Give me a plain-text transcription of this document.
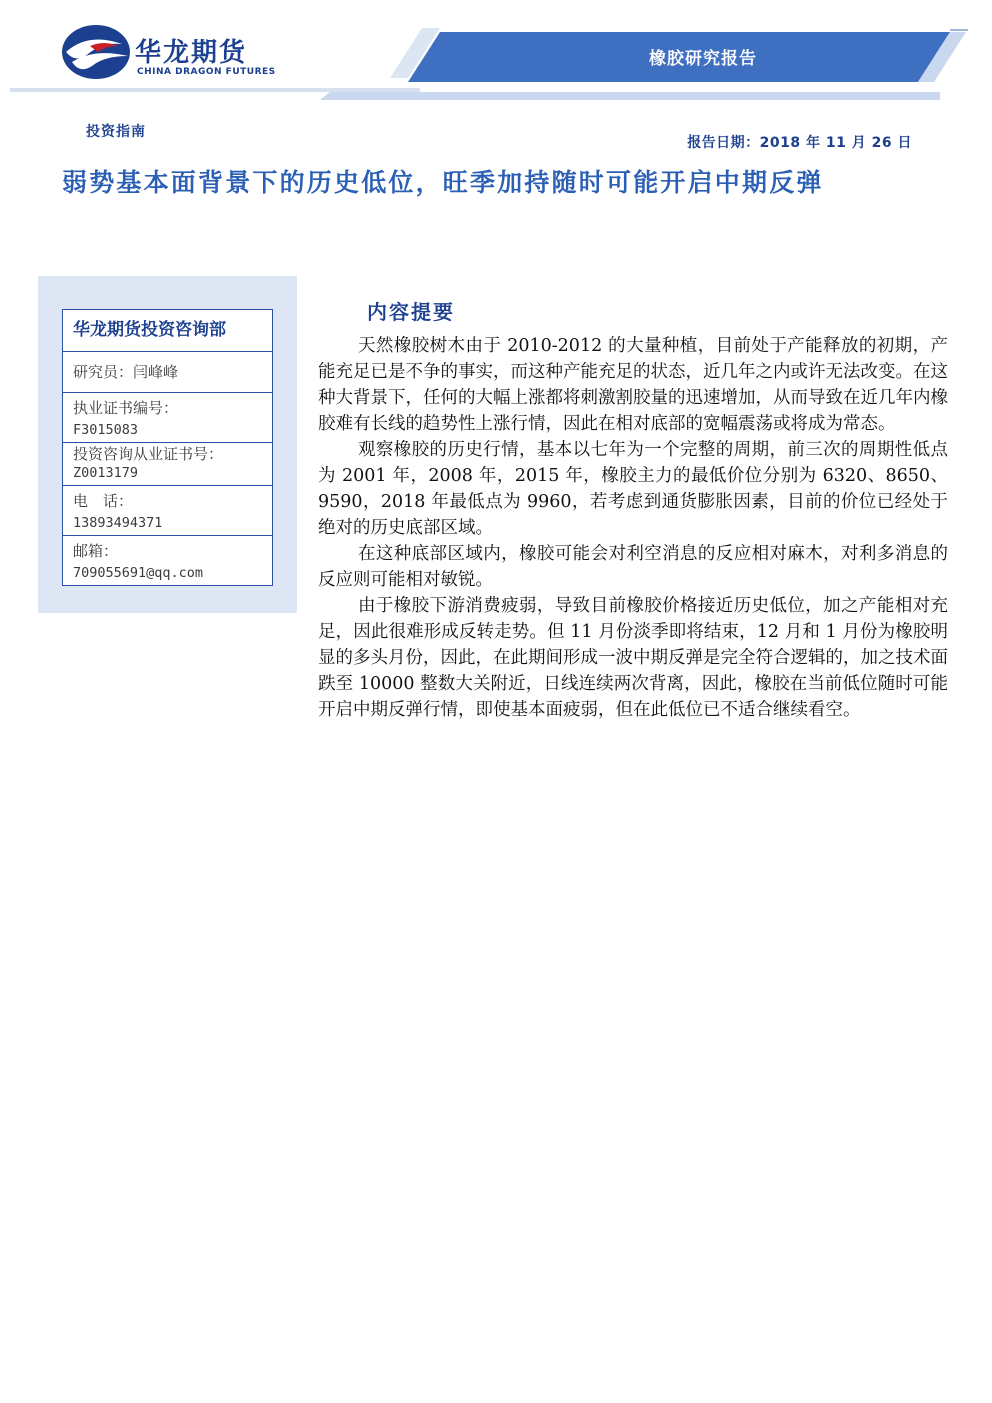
华龙期货
CHINA DRAGON FUTURES
橡胶研究报告
投资指南
报告日期：2018 年 11 月 26 日
弱势基本面背景下的历史低位，旺季加持随时可能开启中期反弹
华龙期货投资咨询部
研究员：闫峰峰
执业证书编号：
F3015083
投资咨询从业证书号：
Z0013179
电　话：
13893494371
邮箱：
709055691@qq.com
内容提要

天然橡胶树木由于 2010-2012 的大量种植，目前处于产能释放的初期，产能充足已是不争的事实，而这种产能充足的状态，近几年之内或许无法改变。在这种大背景下，任何的大幅上涨都将刺激割胶量的迅速增加，从而导致在近几年内橡胶难有长线的趋势性上涨行情，因此在相对底部的宽幅震荡或将成为常态。

观察橡胶的历史行情，基本以七年为一个完整的周期，前三次的周期性低点为 2001 年，2008 年，2015 年，橡胶主力的最低价位分别为 6320、8650、9590，2018 年最低点为 9960，若考虑到通货膨胀因素，目前的价位已经处于绝对的历史底部区域。

在这种底部区域内，橡胶可能会对利空消息的反应相对麻木，对利多消息的反应则可能相对敏锐。

由于橡胶下游消费疲弱，导致目前橡胶价格接近历史低位，加之产能相对充足，因此很难形成反转走势。但 11 月份淡季即将结束，12 月和 1 月份为橡胶明显的多头月份，因此，在此期间形成一波中期反弹是完全符合逻辑的，加之技术面跌至 10000 整数大关附近，日线连续两次背离，因此，橡胶在当前低位随时可能开启中期反弹行情，即使基本面疲弱，但在此低位已不适合继续看空。
